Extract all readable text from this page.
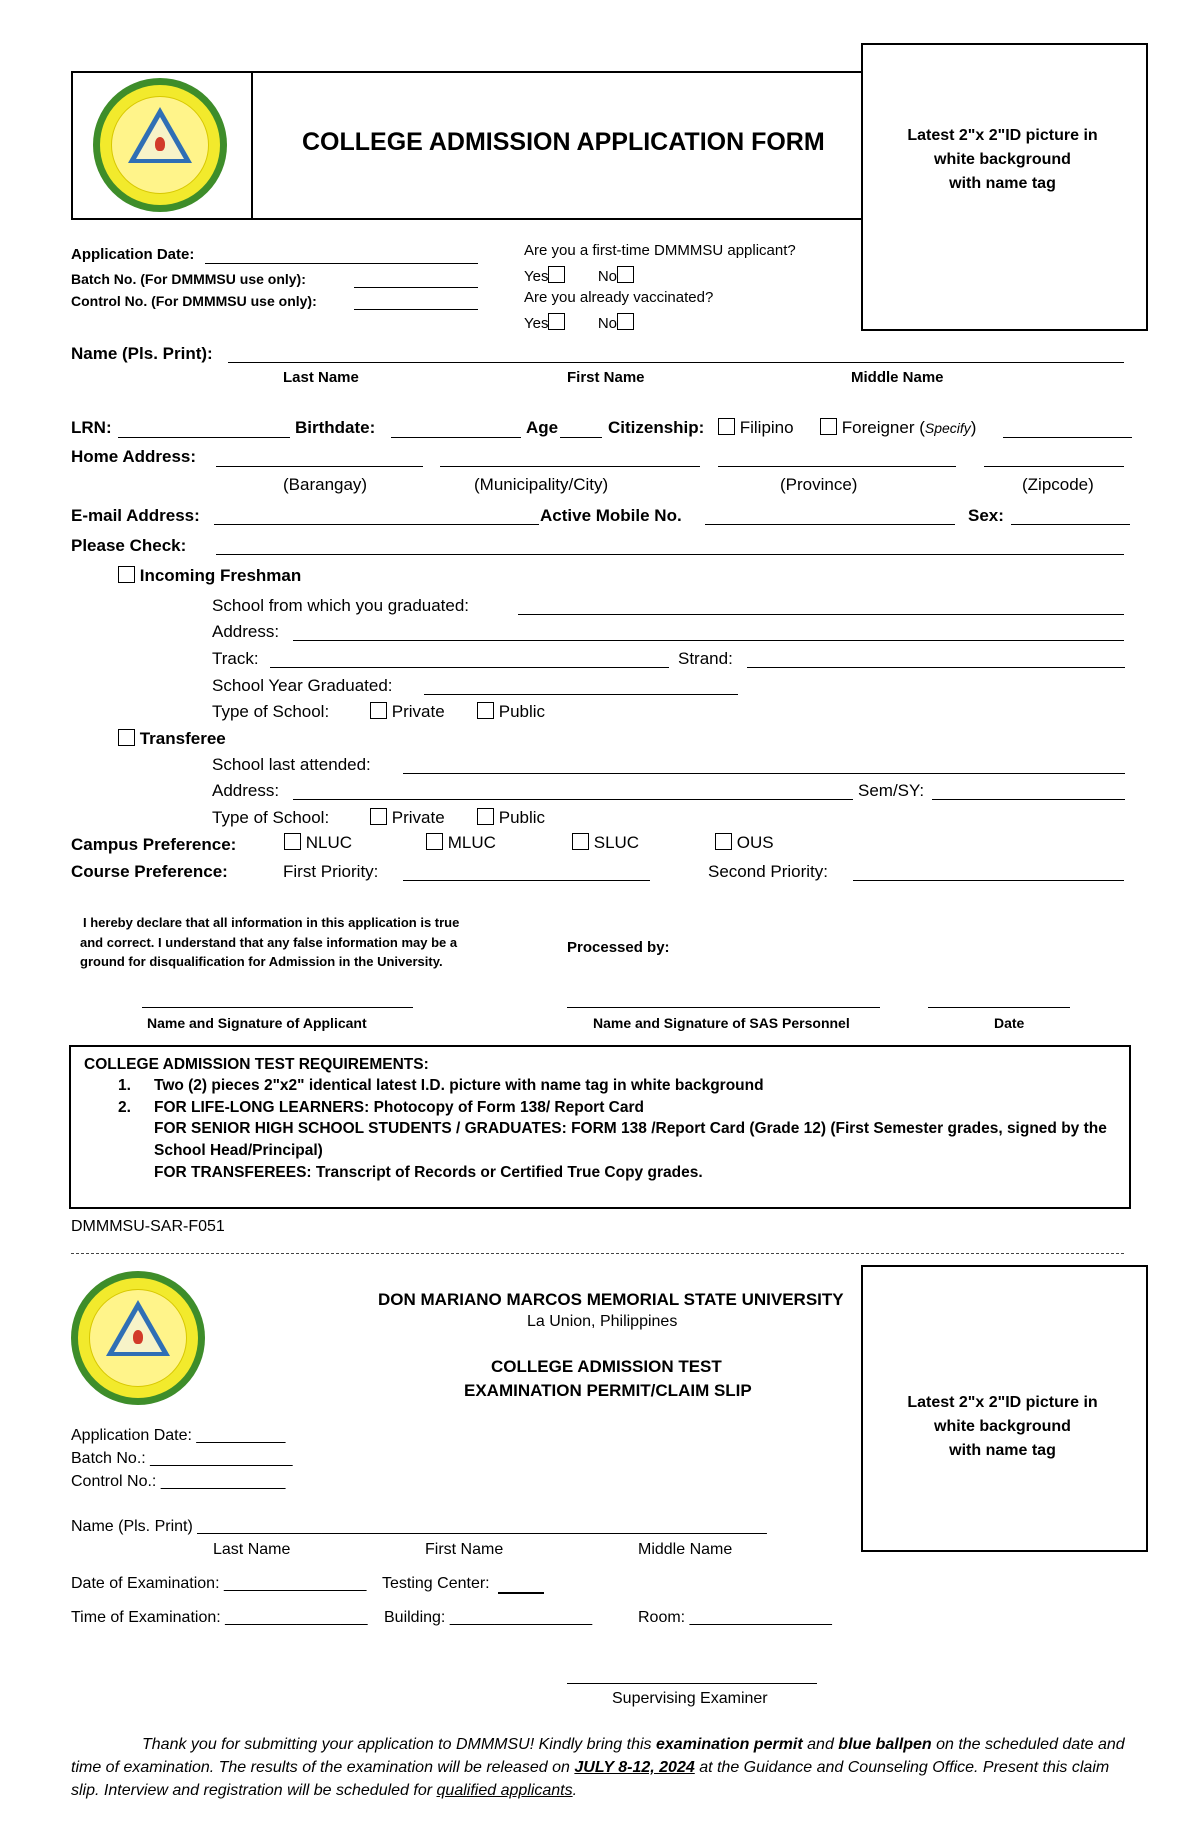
COLLEGE ADMISSION APPLICATION FORM	Latest 2"x 2"ID picture in
white background
with name tag
Application Date:
Batch No. (For DMMMSU use only):
Control No. (For DMMMSU use only):
Are you a first-time DMMMSU applicant?
Yes	No
Are you already vaccinated?
Yes	No
Name (Pls. Print):
Last Name	First Name	Middle Name
LRN:	Birthdate:	Age	Citizenship:	Filipino	Foreigner (Specify)
Home Address:
(Barangay)	(Municipality/City)	(Province)	(Zipcode)
E-mail Address:	Active Mobile No.	Sex:
Please Check:
Incoming Freshman
School from which you graduated:
Address:
Track:	Strand:
School Year Graduated:
Type of School:	Private	Public
Transferee
School last attended:
Address:	Sem/SY:
Type of School:	Private	Public
Campus Preference:	NLUC	MLUC	SLUC	OUS
Course Preference:	First Priority:	Second Priority:
I hereby declare that all information in this application is true
and correct. I understand that any false information may be a
ground for disqualification for Admission in the University.
Processed by:
Name and Signature of Applicant	Name and Signature of SAS Personnel	Date
COLLEGE ADMISSION TEST REQUIREMENTS:
1. Two (2) pieces 2"x2" identical latest I.D. picture with name tag in white background
2. FOR LIFE-LONG LEARNERS: Photocopy of Form 138/ Report Card
FOR SENIOR HIGH SCHOOL STUDENTS / GRADUATES: FORM 138 /Report Card (Grade 12) (First Semester grades, signed by the
School Head/Principal)
FOR TRANSFEREES: Transcript of Records or Certified True Copy grades.
DMMMSU-SAR-F051
DON MARIANO MARCOS MEMORIAL STATE UNIVERSITY
La Union, Philippines
COLLEGE ADMISSION TEST
EXAMINATION PERMIT/CLAIM SLIP
Latest 2"x 2"ID picture in
white background
with name tag
Application Date: __________
Batch No.: ________________
Control No.: ______________
Name (Pls. Print) ________________________________________________________________
Last Name	First Name	Middle Name
Date of Examination: ________________ Testing Center:
Time of Examination: ________________ Building: ________________	Room: ________________
Supervising Examiner
Thank you for submitting your application to DMMMSU! Kindly bring this examination permit and blue ballpen on the scheduled date and
time of examination. The results of the examination will be released on JULY 8-12, 2024 at the Guidance and Counseling Office. Present this claim
slip. Interview and registration will be scheduled for qualified applicants.
